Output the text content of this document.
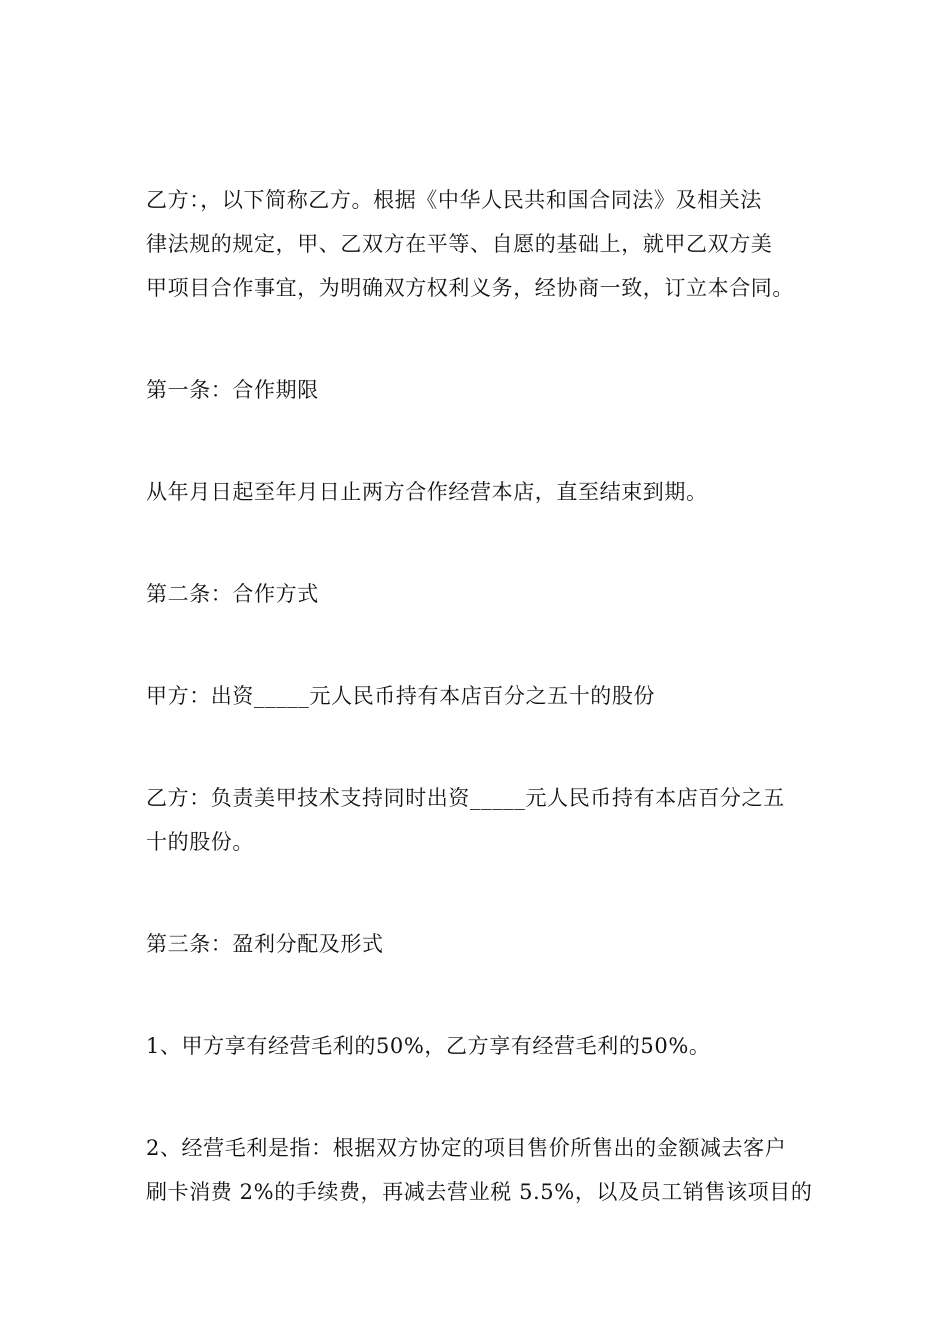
乙方：，以下简称乙方。根据《中华人民共和国合同法》及相关法
律法规的规定，甲、乙双方在平等、自愿的基础上，就甲乙双方美
甲项目合作事宜，为明确双方权利义务，经协商一致，订立本合同。

第一条：合作期限

从年月日起至年月日止两方合作经营本店，直至结束到期。

第二条：合作方式

甲方：出资_____元人民币持有本店百分之五十的股份

乙方：负责美甲技术支持同时出资_____元人民币持有本店百分之五
十的股份。

第三条：盈利分配及形式

1、甲方享有经营毛利的50%，乙方享有经营毛利的50%。

2、经营毛利是指：根据双方协定的项目售价所售出的金额减去客户
刷卡消费 2%的手续费，再减去营业税 5.5%，以及员工销售该项目的
